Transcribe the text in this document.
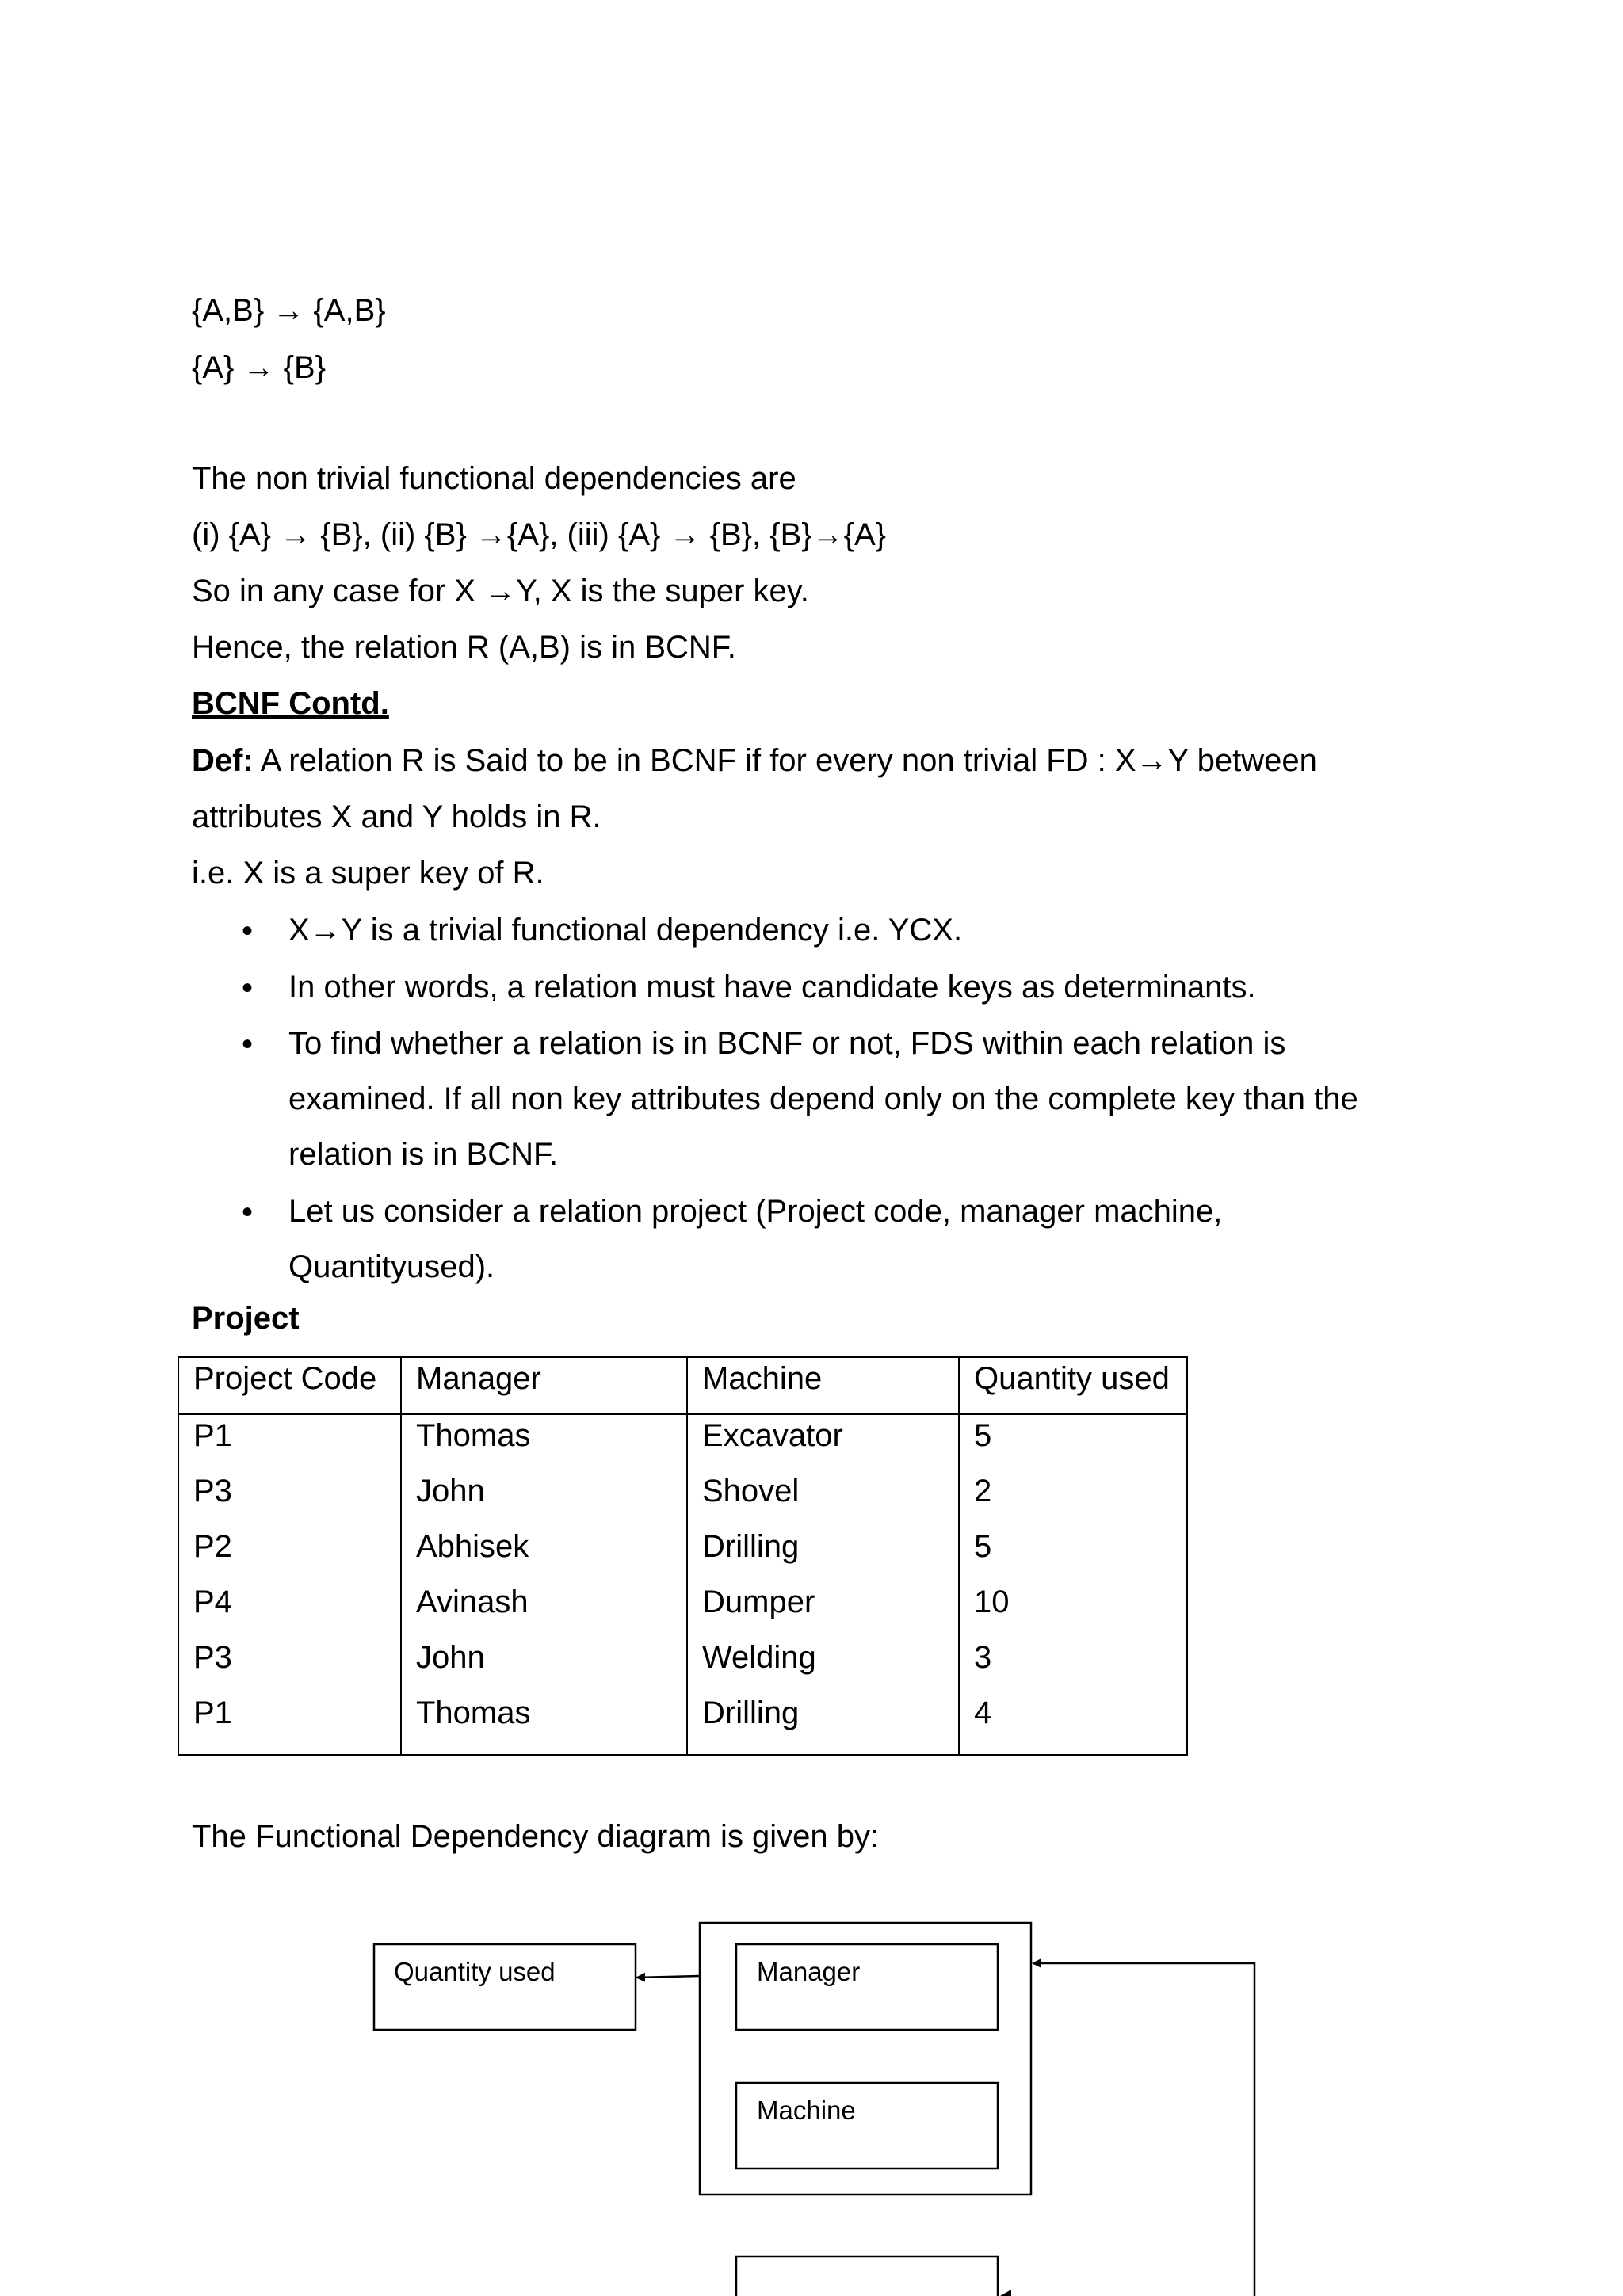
{A,B} → {A,B}
{A} → {B}
The non trivial functional dependencies are
(i) {A} → {B}, (ii) {B} →{A}, (iii) {A} → {B}, {B}→{A}
So in any case for X →Y, X is the super key.
Hence, the relation R (A,B) is in BCNF.
BCNF Contd.
Def: A relation R is Said to be in BCNF if for every non trivial FD : X→Y between
attributes X and Y holds in R.
i.e. X is a super key of R.
• X→Y is a trivial functional dependency i.e. YCX.
• In other words, a relation must have candidate keys as determinants.
• To find whether a relation is in BCNF or not, FDS within each relation is examined. If all non key attributes depend only on the complete key than the relation is in BCNF.
• Let us consider a relation project (Project code, manager machine, Quantityused).
Project
Project Code	Manager	Machine	Quantity used
P1	Thomas	Excavator	5
P3	John	Shovel	2
P2	Abhisek	Drilling	5
P4	Avinash	Dumper	10
P3	John	Welding	3
P1	Thomas	Drilling	4
The Functional Dependency diagram is given by:
Quantity used	Manager
Machine
